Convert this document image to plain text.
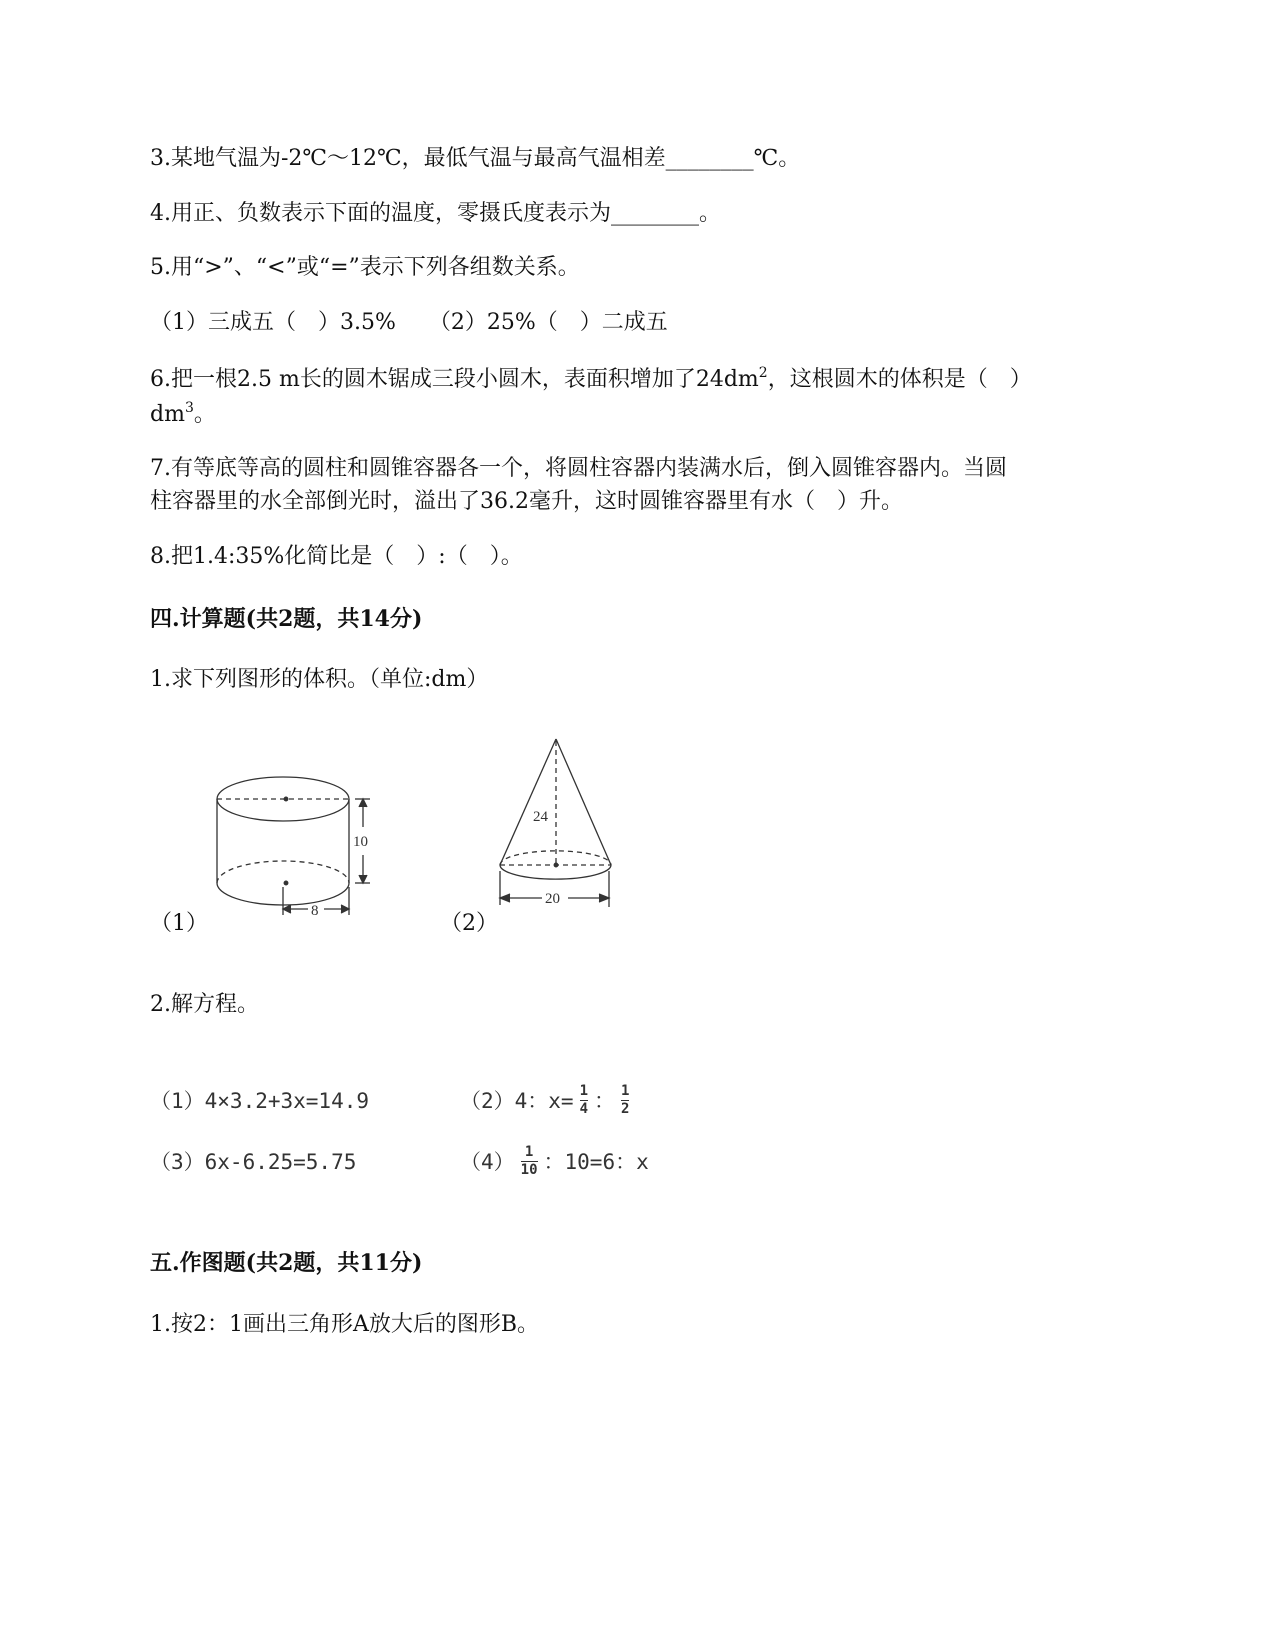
3.某地气温为-2℃～12℃，最低气温与最高气温相差________℃。
4.用正、负数表示下面的温度，零摄氏度表示为________。
5.用“>”、“<”或“=”表示下列各组数关系。
（1）三成五（　）3.5%　　（2）25%（　）二成五
6.把一根2.5 m长的圆木锯成三段小圆木，表面积增加了$24dm^2$，这根圆木的体积是（　）
$dm^3$。
7.有等底等高的圆柱和圆锥容器各一个，将圆柱容器内装满水后，倒入圆锥容器内。当圆
柱容器里的水全部倒光时，溢出了36.2毫升，这时圆锥容器里有水（　）升。
8.把1.4:35%化简比是（　）:（　）。
四.计算题(共2题，共14分)
1.求下列图形的体积。（单位:dm）
10
8
24
20
（1）	（2）
2.解方程。
（1）4×3.2+3x=14.9	（2）4：$x= \frac{1}{4}$ ： $\frac{1}{2}$
（3）6x-6.25=5.75	$(4) \frac{1}{10}$ ：10=6：x
五.作图题(共2题，共11分)
1.按2：1画出三角形A放大后的图形B。
